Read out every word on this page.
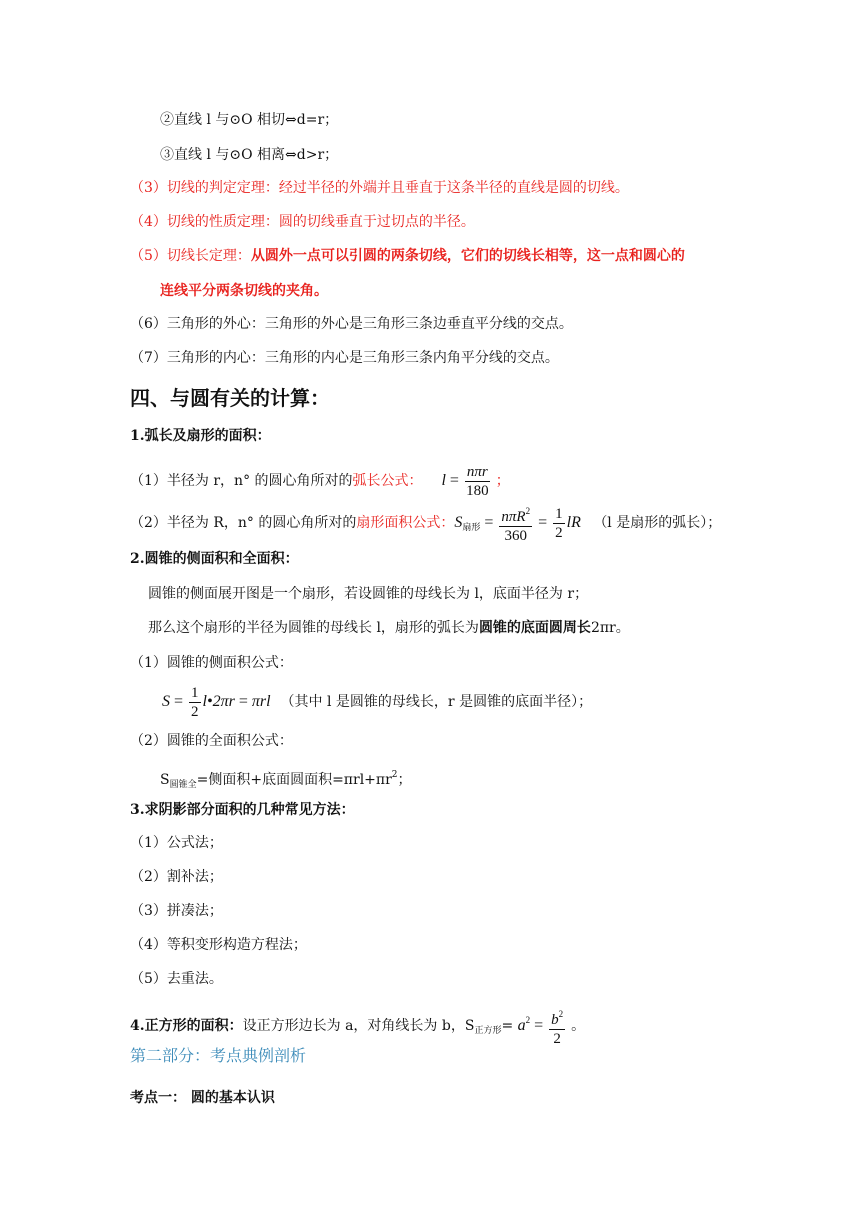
②直线 l 与⊙O 相切⇔d=r；
③直线 l 与⊙O 相离⇔d>r；
（3）切线的判定定理：经过半径的外端并且垂直于这条半径的直线是圆的切线。
（4）切线的性质定理：圆的切线垂直于过切点的半径。
（5）切线长定理：从圆外一点可以引圆的两条切线，它们的切线长相等，这一点和圆心的
连线平分两条切线的夹角。
（6）三角形的外心：三角形的外心是三角形三条边垂直平分线的交点。
（7）三角形的内心：三角形的内心是三角形三条内角平分线的交点。
四、与圆有关的计算：
1.弧长及扇形的面积：
（1）半径为 r，n° 的圆心角所对的弧长公式： $l = \frac{\text{nπr}}{180}$ ；
（2）半径为 R，n° 的圆心角所对的扇形面积公式：$S_{扇形} = \frac{n\pi R^2}{360} = \frac{1}{2}$ lR （l 是扇形的弧长）；
2.圆锥的侧面积和全面积：
圆锥的侧面展开图是一个扇形，若设圆锥的母线长为 l，底面半径为 r；
那么这个扇形的半径为圆锥的母线长 l，扇形的弧长为圆锥的底面圆周长2πr。
（1）圆锥的侧面积公式：
$S = \frac{1}{2}$ l•2πr = πrl （其中 l 是圆锥的母线长，r 是圆锥的底面半径）；
（2）圆锥的全面积公式：
$S_{圆锥全}=$侧面积+底面圆面积$=\pi rl+\pi r^2$；
3.求阴影部分面积的几种常见方法：
（1）公式法；
（2）割补法；
（3）拼凑法；
（4）等积变形构造方程法；
（5）去重法。
4.正方形的面积：设正方形边长为 a，对角线长为 b，$S_{正方形}= a^2 = \frac{b^2}{2}$ 。
第二部分：考点典例剖析
考点一： 圆的基本认识
